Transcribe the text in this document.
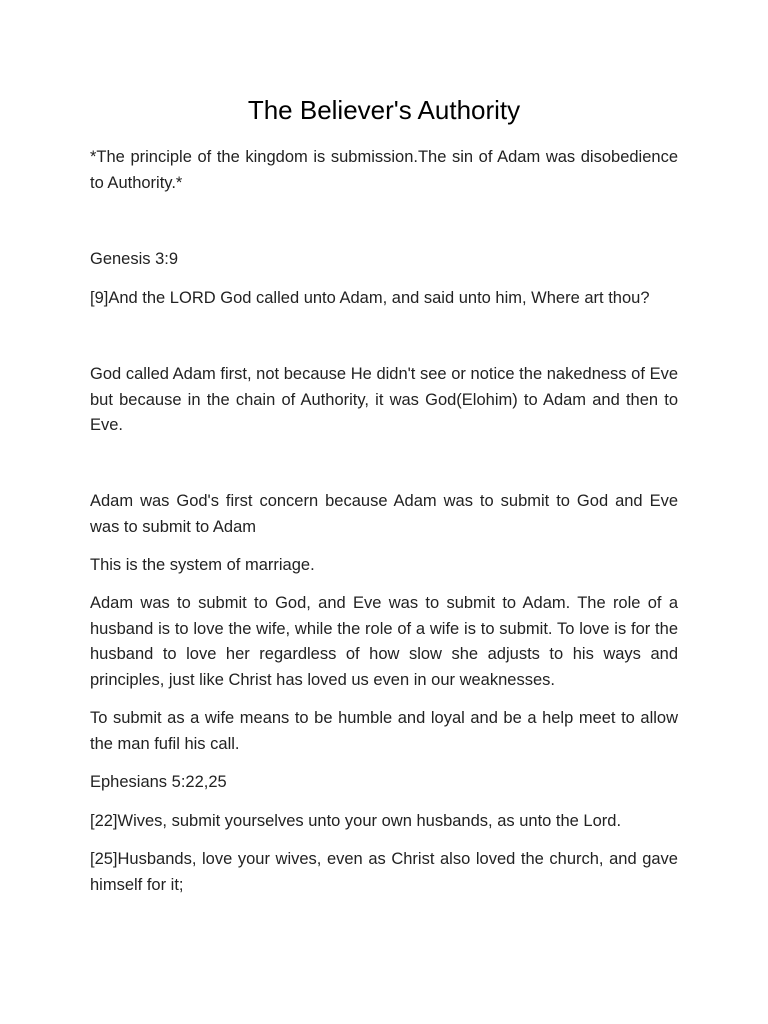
The Believer's Authority

*The principle of the kingdom is submission.The sin of Adam was disobedience to Authority.*

Genesis 3:9

[9]And the LORD God called unto Adam, and said unto him, Where art thou?

God called Adam first, not because He didn't see or notice the nakedness of Eve but because in the chain of Authority, it was God(Elohim) to Adam and then to Eve.

Adam was God's first concern because Adam was to submit to God and Eve was to submit to Adam

This is the system of marriage.

Adam was to submit to God, and Eve was to submit to Adam. The role of a husband is to love the wife, while the role of a wife is to submit. To love is for the husband to love her regardless of how slow she adjusts to his ways and principles, just like Christ has loved us even in our weaknesses.

To submit as a wife means to be humble and loyal and be a help meet to allow the man fufil his call.

Ephesians 5:22,25

[22]Wives, submit yourselves unto your own husbands, as unto the Lord.

[25]Husbands, love your wives, even as Christ also loved the church, and gave himself for it;
